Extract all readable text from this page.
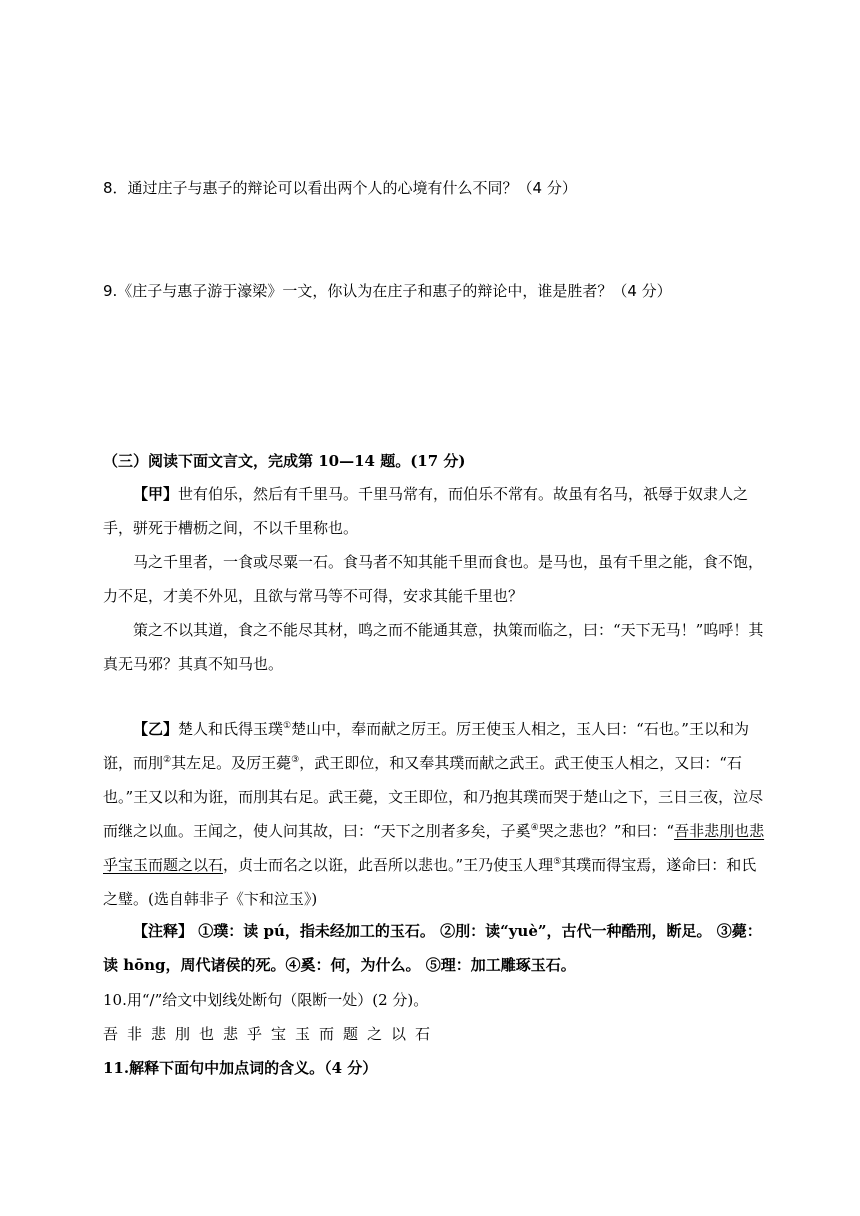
8．通过庄子与惠子的辩论可以看出两个人的心境有什么不同？（4 分）
9.《庄子与惠子游于濠梁》一文，你认为在庄子和惠子的辩论中，谁是胜者？（4 分）
（三）阅读下面文言文，完成第 10—14 题。(17 分)
【甲】世有伯乐，然后有千里马。千里马常有，而伯乐不常有。故虽有名马，祇辱于奴隶人之手，骈死于槽枥之间，不以千里称也。
马之千里者，一食或尽粟一石。食马者不知其能千里而食也。是马也，虽有千里之能，食不饱，力不足，才美不外见，且欲与常马等不可得，安求其能千里也？
策之不以其道，食之不能尽其材，鸣之而不能通其意，执策而临之，曰：“天下无马！”呜呼！其真无马邪？其真不知马也。
【乙】楚人和氏得玉璞①楚山中，奉而献之厉王。厉王使玉人相之，玉人曰：“石也。”王以和为诳，而刖②其左足。及厉王薨③，武王即位，和又奉其璞而献之武王。武王使玉人相之，又曰：“石也。”王又以和为诳，而刖其右足。武王薨，文王即位，和乃抱其璞而哭于楚山之下，三日三夜，泣尽而继之以血。王闻之，使人问其故，曰：“天下之刖者多矣，子奚④哭之悲也？”和曰：“吾非悲刖也悲乎宝玉而题之以石，贞士而名之以诳，此吾所以悲也。”王乃使玉人理⑤其璞而得宝焉，遂命曰：和氏之璧。(选自韩非子《卞和泣玉》)
【注释】 ①璞：读 pú，指未经加工的玉石。 ②刖：读“yuè”，古代一种酷刑，断足。 ③薨：读 hōng，周代诸侯的死。④奚：何，为什么。 ⑤理：加工雕琢玉石。
10.用“/”给文中划线处断句（限断一处）(2 分)。
吾非悲刖也悲乎宝玉而题之以石
11.解释下面句中加点词的含义。（4 分）
